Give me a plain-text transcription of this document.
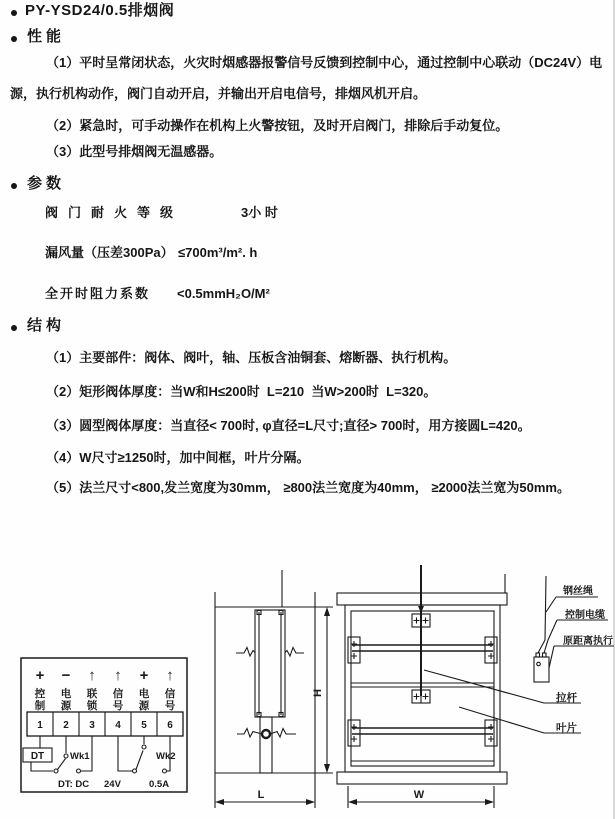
PY-YSD24/0.5排烟阀
性能
（1）平时呈常闭状态，火灾时烟感器报警信号反馈到控制中心，通过控制中心联动（DC24V）电
源，执行机构动作，阀门自动开启，并输出开启电信号，排烟风机开启。
（2）紧急时，可手动操作在机构上火警按钮，及时开启阀门，排除后手动复位。
（3）此型号排烟阀无温感器。
参数
阀门耐火等级	3小 时
漏风量（压差300Pa） ≤700m³/m². h
全开时阻力系数 <0.5mmH₂O/M²
结构
（1）主要部件：阀体、阀叶，轴、压板含油铜套、熔断器、执行机构。
（2）矩形阀体厚度：当W和H≤200时  L=210  当W>200时  L=320。
（3）圆型阀体厚度：当直径< 700时, φ直径=L尺寸;直径> 700时，用方接圆L=420。
（4）W尺寸≥1250时，加中间框，叶片分隔。
（5）法兰尺寸<800,发兰宽度为30mm， ≥800法兰宽度为40mm， ≥2000法兰宽为50mm。
+ − ↑ ↑ + ↑
控
制
电
源
联
锁
信
号
电
源
信
号
1 2 3 4 5 6
DT	Wk1	Wk2
DT: DC 24V	0.5A
H
L	W
钢丝绳
控制电缆
原距离执行
拉杆
叶片
